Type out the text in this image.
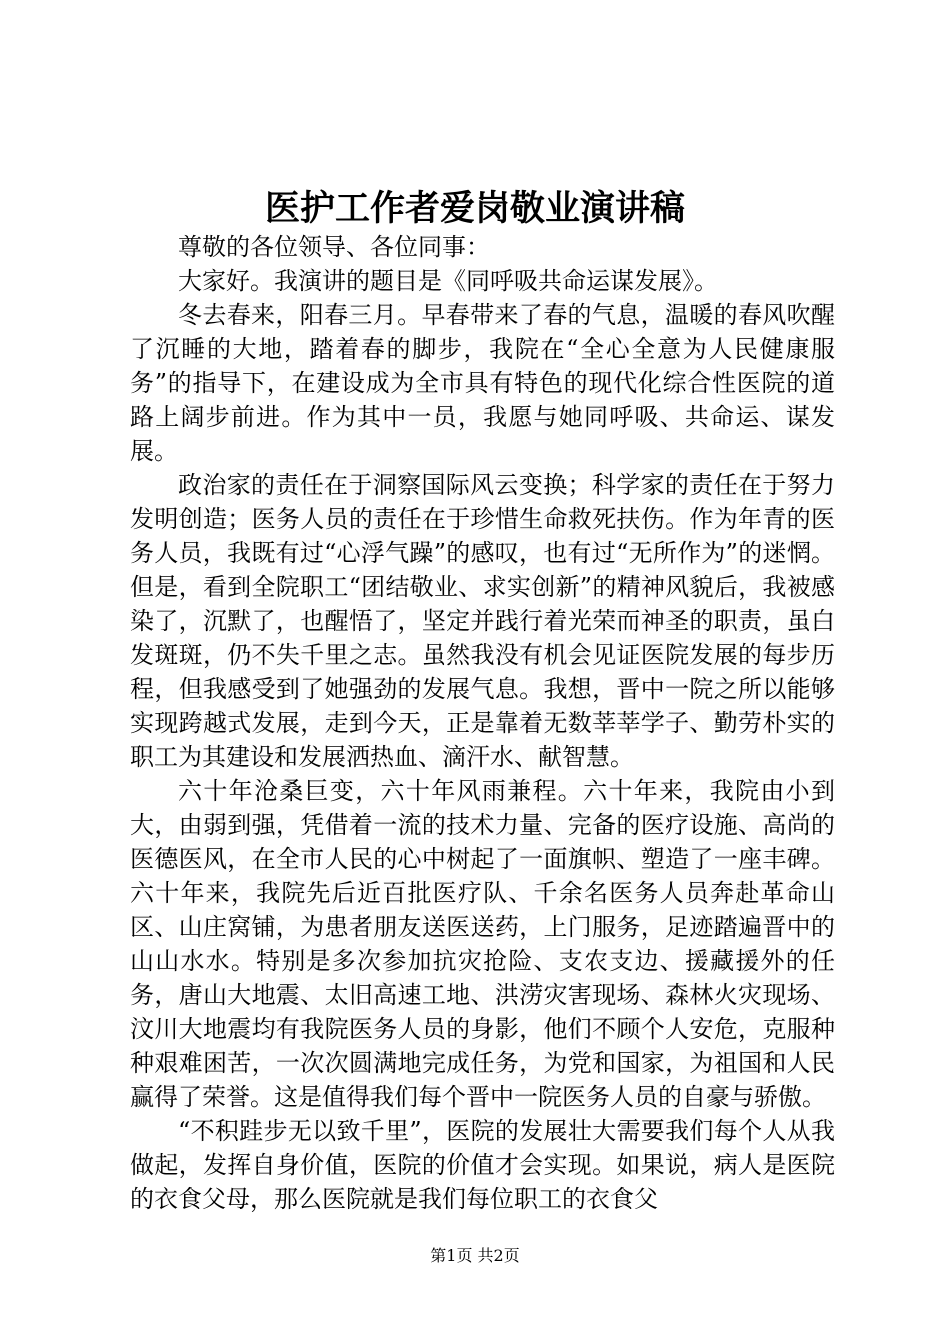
医护工作者爱岗敬业演讲稿

尊敬的各位领导、各位同事：

大家好。我演讲的题目是《同呼吸共命运谋发展》。

冬去春来，阳春三月。早春带来了春的气息，温暖的春风吹醒了沉睡的大地，踏着春的脚步，我院在“全心全意为人民健康服务”的指导下，在建设成为全市具有特色的现代化综合性医院的道路上阔步前进。作为其中一员，我愿与她同呼吸、共命运、谋发展。

政治家的责任在于洞察国际风云变换；科学家的责任在于努力发明创造；医务人员的责任在于珍惜生命救死扶伤。作为年青的医务人员，我既有过“心浮气躁”的感叹，也有过“无所作为”的迷惘。但是，看到全院职工“团结敬业、求实创新”的精神风貌后，我被感染了，沉默了，也醒悟了，坚定并践行着光荣而神圣的职责，虽白发斑斑，仍不失千里之志。虽然我没有机会见证医院发展的每步历程，但我感受到了她强劲的发展气息。我想，晋中一院之所以能够实现跨越式发展，走到今天，正是靠着无数莘莘学子、勤劳朴实的职工为其建设和发展洒热血、滴汗水、献智慧。

六十年沧桑巨变，六十年风雨兼程。六十年来，我院由小到大，由弱到强，凭借着一流的技术力量、完备的医疗设施、高尚的医德医风，在全市人民的心中树起了一面旗帜、塑造了一座丰碑。六十年来，我院先后近百批医疗队、千余名医务人员奔赴革命山区、山庄窝铺，为患者朋友送医送药，上门服务，足迹踏遍晋中的山山水水。特别是多次参加抗灾抢险、支农支边、援藏援外的任务，唐山大地震、太旧高速工地、洪涝灾害现场、森林火灾现场、汶川大地震均有我院医务人员的身影，他们不顾个人安危，克服种种艰难困苦，一次次圆满地完成任务，为党和国家，为祖国和人民赢得了荣誉。这是值得我们每个晋中一院医务人员的自豪与骄傲。

“不积跬步无以致千里”，医院的发展壮大需要我们每个人从我做起，发挥自身价值，医院的价值才会实现。如果说，病人是医院的衣食父母，那么医院就是我们每位职工的衣食父

第1页 共2页
